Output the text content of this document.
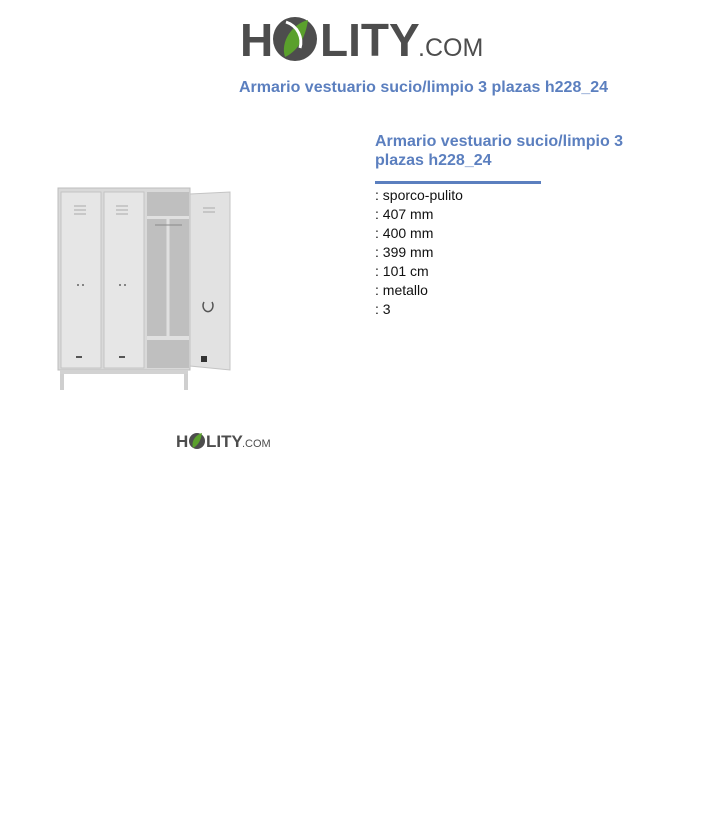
H LITY
.COM
Armario vestuario sucio/limpio 3 plazas h228_24
H LITY .COM
Armario vestuario sucio/limpio 3 plazas h228_24
: sporco-pulito
: 407 mm
: 400 mm
: 399 mm
: 101 cm
: metallo
: 3
